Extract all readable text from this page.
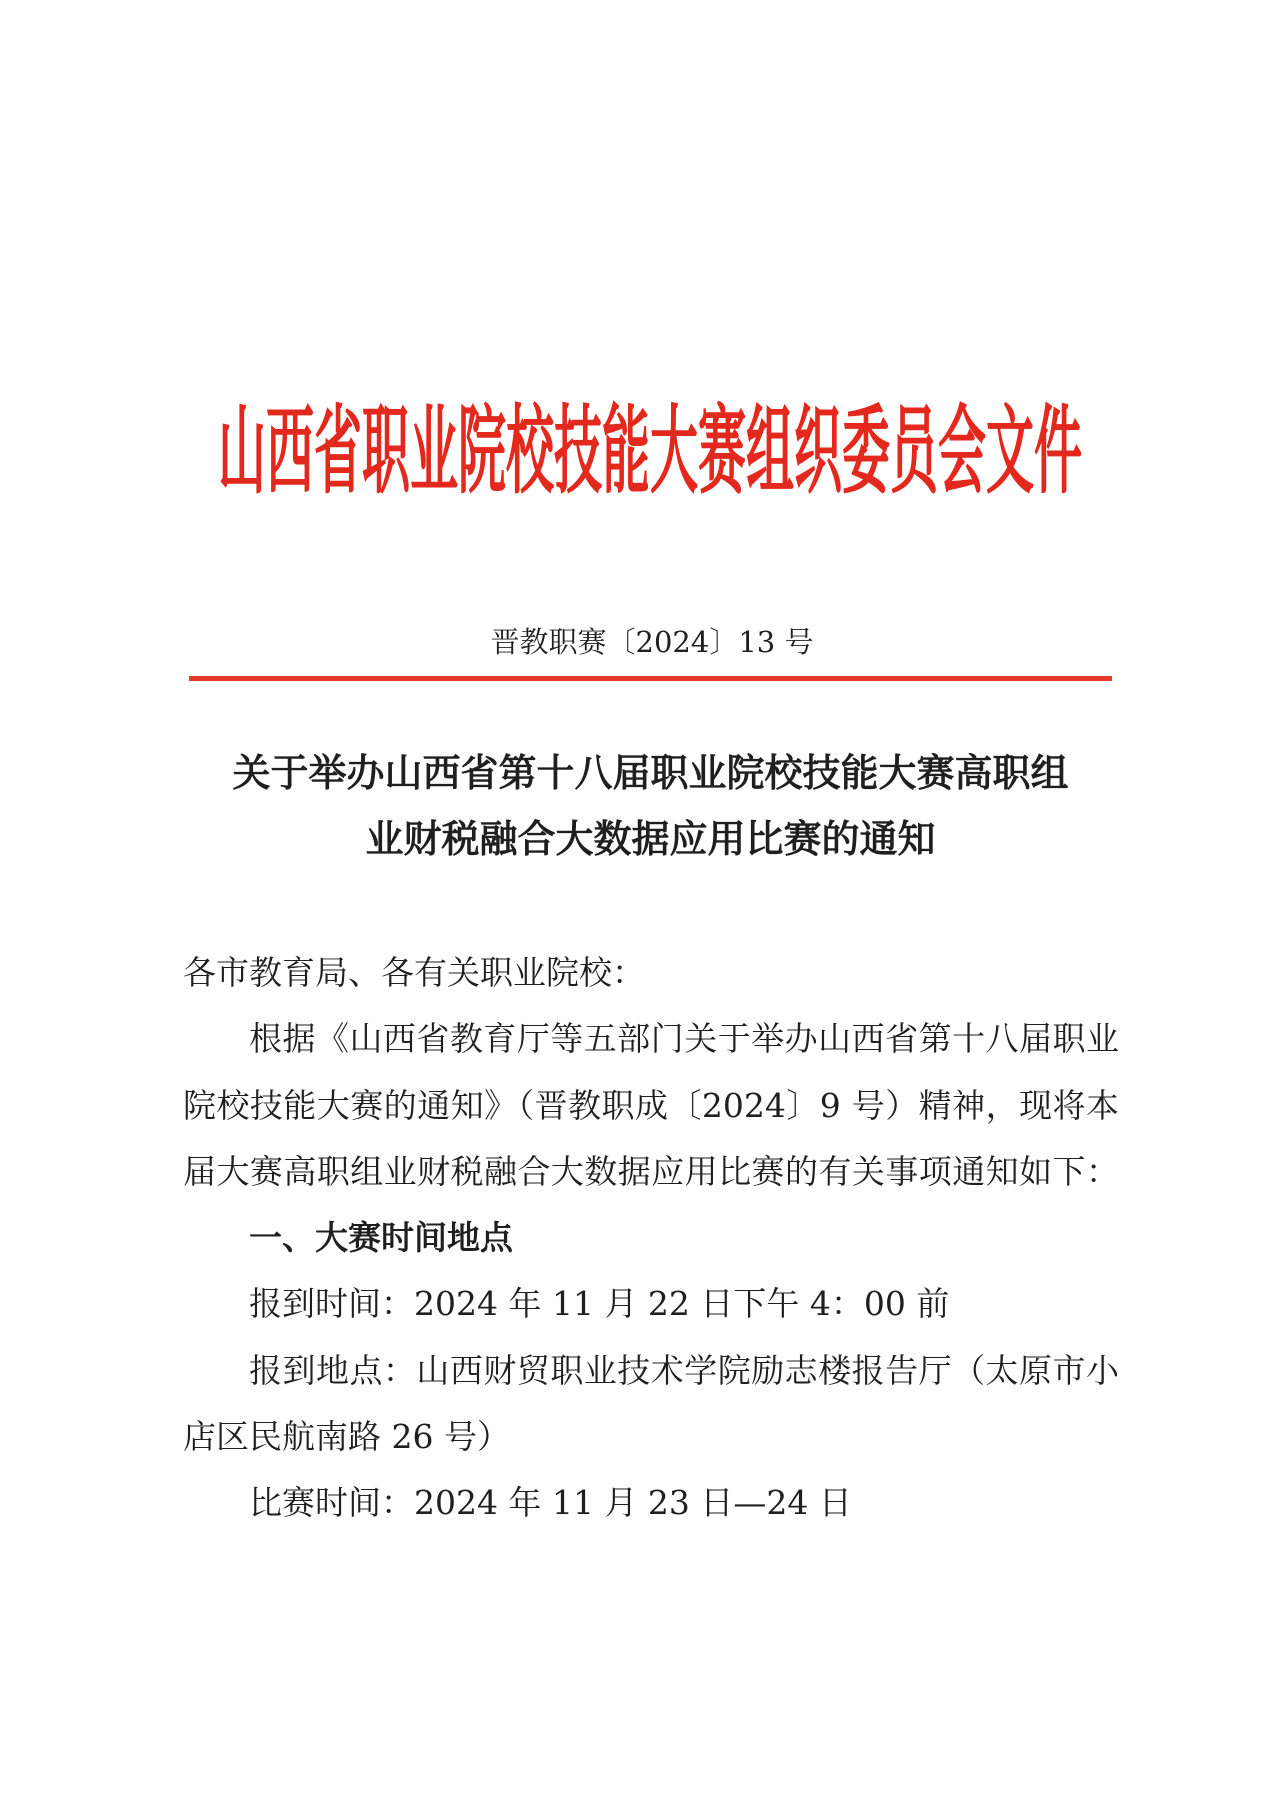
山西省职业院校技能大赛组织委员会文件
晋教职赛〔2024〕13 号
关于举办山西省第十八届职业院校技能大赛高职组
业财税融合大数据应用比赛的通知
各市教育局、各有关职业院校：
根据《山西省教育厅等五部门关于举办山西省第十八届职业
院校技能大赛的通知》（晋教职成〔2024〕9 号）精神，现将本
届大赛高职组业财税融合大数据应用比赛的有关事项通知如下：
一、大赛时间地点
报到时间：2024 年 11 月 22 日下午 4：00 前
报到地点：山西财贸职业技术学院励志楼报告厅（太原市小
店区民航南路 26 号）
比赛时间：2024 年 11 月 23 日—24 日
